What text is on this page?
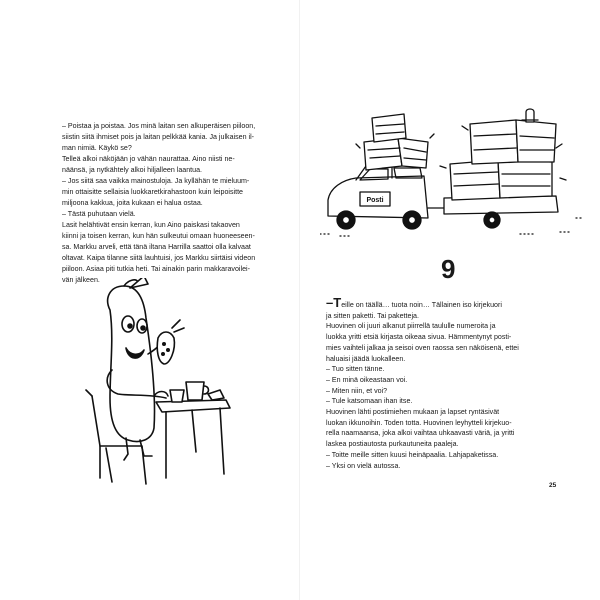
– Poistaa ja poistaa. Jos minä laitan sen alkuperäisen piiloon,
siistin siitä ihmiset pois ja laitan pelkkää kania. Ja julkaisen il-
man nimiä. Käykö se?
Telleä alkoi näköjään jo vähän naurattaa. Aino niisti ne-
näänsä, ja nytkähtely alkoi hiljalleen laantua.
– Jos siitä saa vaikka mainostuloja. Ja kyllähän te mieluum-
min ottaisitte sellaisia luokkaretkirahastoon kuin leipoisitte
miljoona kakkua, joita kukaan ei halua ostaa.
– Tästä puhutaan vielä.
Lasit helähtivät ensin kerran, kun Aino paiskasi takaoven
kiinni ja toisen kerran, kun hän sulkeutui omaan huoneeseen-
sa. Markku arveli, että tänä iltana Harrilla saattoi olla kalvaat
oltavat. Kaipa tilanne siitä lauhtuisi, jos Markku siirtäisi videon
piiloon. Asiaa piti tutkia heti. Tai ainakin parin makkaravoilei-
vän jälkeen.

Posti
9
–Teille on täällä… tuota noin… Tällainen iso kirjekuori
ja sitten paketti. Tai paketteja.
Huovinen oli juuri alkanut piirrellä taululle numeroita ja
luokka yritti etsiä kirjasta oikeaa sivua. Hämmentynyt posti-
mies vaihteli jalkaa ja seisoi oven raossa sen näköisenä, ettei
haluaisi jäädä luokalleen.
– Tuo sitten tänne.
– En minä oikeastaan voi.
– Miten niin, et voi?
– Tule katsomaan ihan itse.
Huovinen lähti postimiehen mukaan ja lapset ryntäsivät
luokan ikkunoihin. Toden totta. Huovinen leyhytteli kirjekuo-
rella naamaansa, joka alkoi vaihtaa uhkaavasti väriä, ja yritti
laskea postiautosta purkautuneita paaleja.
– Toitte meille sitten kuusi heinäpaalia. Lahjapaketissa.
– Yksi on vielä autossa.
25
